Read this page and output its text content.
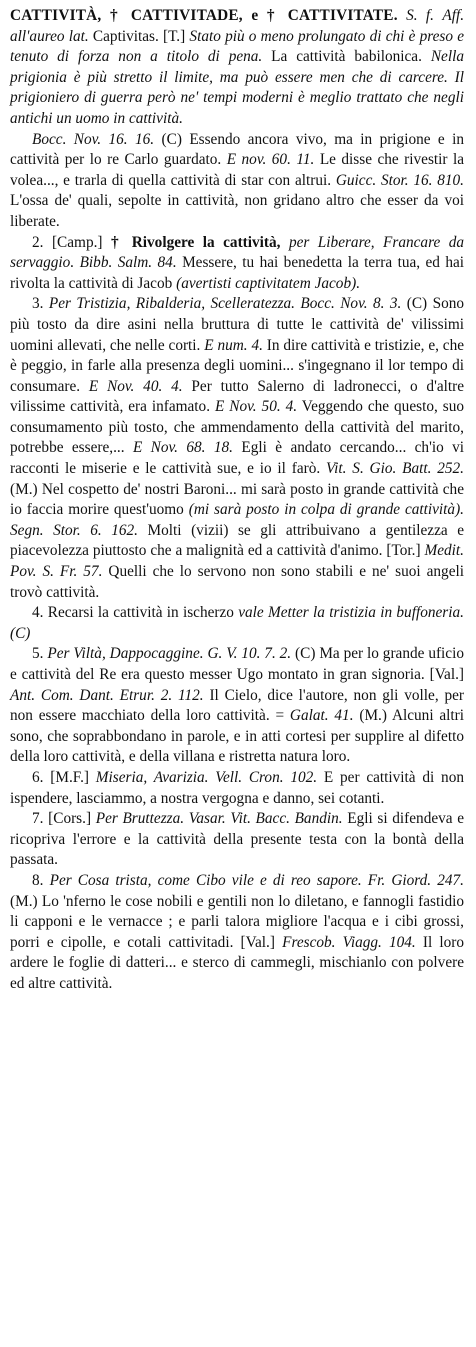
CATTIVITÀ, † CATTIVITADE, e † CATTIVITATE. S. f. Aff. all'aureo lat. Captivitas. [T.] Stato più o meno prolungato di chi è preso e tenuto di forza non a titolo di pena. La cattività babilonica. Nella prigionia è più stretto il limite, ma può essere men che di carcere. Il prigioniero di guerra però ne' tempi moderni è meglio trattato che negli antichi un uomo in cattività.

Bocc. Nov. 16. 16. (C) Essendo ancora vivo, ma in prigione e in cattività per lo re Carlo guardato. E nov. 60. 11. Le disse che rivestir la volea..., e trarla di quella cattività di star con altrui. Guicc. Stor. 16. 810. L'ossa de' quali, sepolte in cattività, non gridano altro che esser da voi liberate.

2. [Camp.] † Rivolgere la cattività, per Liberare, Francare da servaggio. Bibb. Salm. 84. Messere, tu hai benedetta la terra tua, ed hai rivolta la cattività di Jacob (avertisti captivitatem Jacob).

3. Per Tristizia, Ribalderia, Scelleratezza. Bocc. Nov. 8. 3. (C) Sono più tosto da dire asini nella bruttura di tutte le cattività de' vilissimi uomini allevati, che nelle corti. E num. 4. In dire cattività e tristizie, e, che è peggio, in farle alla presenza degli uomini... s'ingegnano il lor tempo di consumare. E Nov. 40. 4. Per tutto Salerno di ladronecci, o d'altre vilissime cattività, era infamato. E Nov. 50. 4. Veggendo che questo, suo consumamento più tosto, che ammendamento della cattività del marito, potrebbe essere,... E Nov. 68. 18. Egli è andato cercando... ch'io vi racconti le miserie e le cattività sue, e io il farò. Vit. S. Gio. Batt. 252. (M.) Nel cospetto de' nostri Baroni... mi sarà posto in grande cattività che io faccia morire quest'uomo (mi sarà posto in colpa di grande cattività). Segn. Stor. 6. 162. Molti (vizii) se gli attribuivano a gentilezza e piacevolezza piuttosto che a malignità ed a cattività d'animo. [Tor.] Medit. Pov. S. Fr. 57. Quelli che lo servono non sono stabili e ne' suoi angeli trovò cattività.

4. Recarsi la cattività in ischerzo vale Metter la tristizia in buffoneria. (C)

5. Per Viltà, Dappocaggine. G. V. 10. 7. 2. (C) Ma per lo grande uficio e cattività del Re era questo messer Ugo montato in gran signoria. [Val.] Ant. Com. Dant. Etrur. 2. 112. Il Cielo, dice l'autore, non gli volle, per non essere macchiato della loro cattività. = Galat. 41. (M.) Alcuni altri sono, che soprabbondano in parole, e in atti cortesi per supplire al difetto della loro cattività, e della villana e ristretta natura loro.

6. [M.F.] Miseria, Avarizia. Vell. Cron. 102. E per cattività di non ispendere, lasciammo, a nostra vergogna e danno, sei cotanti.

7. [Cors.] Per Bruttezza. Vasar. Vit. Bacc. Bandin. Egli si difendeva e ricopriva l'errore e la cattività della presente testa con la bontà della passata.

8. Per Cosa trista, come Cibo vile e di reo sapore. Fr. Giord. 247. (M.) Lo 'nferno le cose nobili e gentili non lo diletano, e fannogli fastidio li capponi e le vernacce ; e parli talora migliore l'acqua e i cibi grossi, porri e cipolle, e cotali cattivitadi. [Val.] Frescob. Viagg. 104. Il loro ardere le foglie di datteri... e sterco di cammegli, mischianlo con polvere ed altre cattività.
